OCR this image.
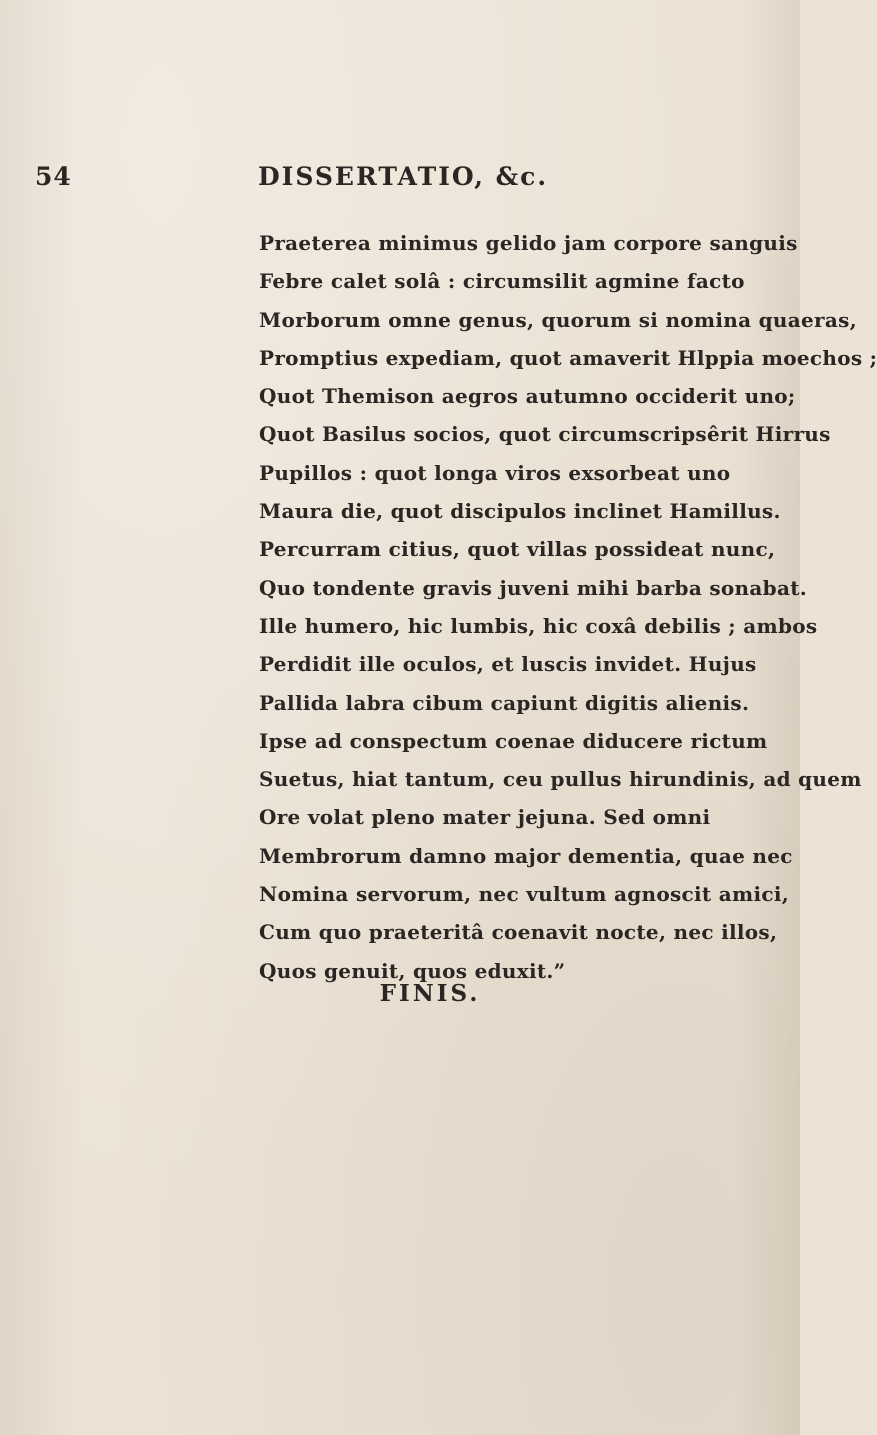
54	DISSERTATIO, &c.
Praeterea minimus gelido jam corpore sanguis
Febre calet solâ : circumsilit agmine facto
Morborum omne genus, quorum si nomina quaeras,
Promptius expediam, quot amaverit Hlppia moechos ;
Quot Themison aegros autumno occiderit uno;
Quot Basilus socios, quot circumscripsêrit Hirrus
Pupillos : quot longa viros exsorbeat uno
Maura die, quot discipulos inclinet Hamillus.
Percurram citius, quot villas possideat nunc,
Quo tondente gravis juveni mihi barba sonabat.
Ille humero, hic lumbis, hic coxâ debilis ; ambos
Perdidit ille oculos, et luscis invidet. Hujus
Pallida labra cibum capiunt digitis alienis.
Ipse ad conspectum coenae diducere rictum
Suetus, hiat tantum, ceu pullus hirundinis, ad quem
Ore volat pleno mater jejuna. Sed omni
Membrorum damno major dementia, quae nec
Nomina servorum, nec vultum agnoscit amici,
Cum quo praeteritâ coenavit nocte, nec illos,
Quos genuit, quos eduxit.”
FINIS.
